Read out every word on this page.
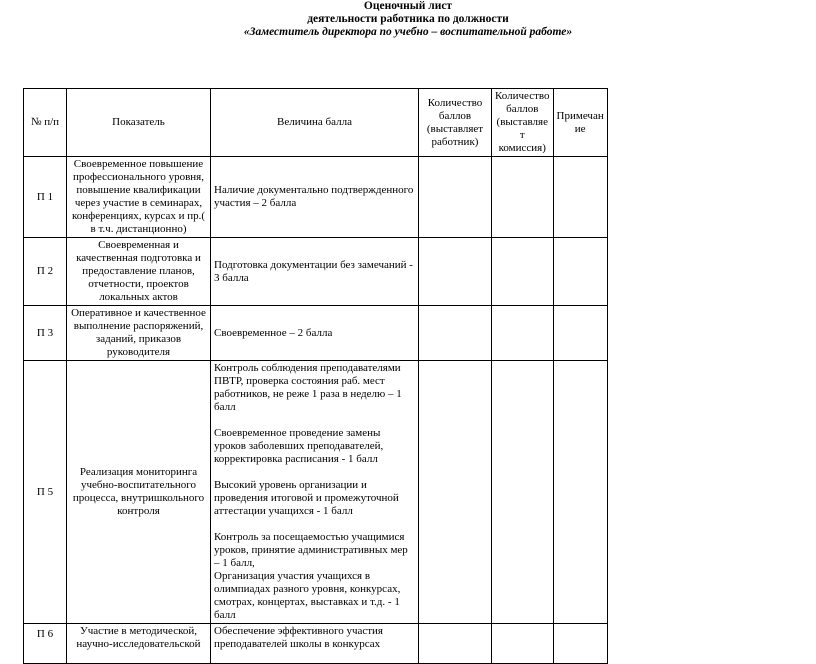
Оценочный лист
деятельности работника по должности
«Заместитель директора по учебно – воспитательной работе»
№ п/п	Показатель	Величина балла	Количество баллов (выставляет работник)	Количество баллов (выставляе т комиссия)	Примечан ие
П 1	Своевременное повышение профессионального уровня, повышение квалификации через участие в семинарах, конференциях, курсах и пр.( в т.ч. дистанционно)	Наличие документально подтвержденного участия – 2 балла			

П 2	Своевременная и качественная подготовка и предоставление планов, отчетности, проектов локальных актов	Подготовка документации без замечаний - 3 балла			

П 3	Оперативное и качественное выполнение распоряжений, заданий, приказов руководителя	Своевременное – 2 балла			

П 5	Реализация мониторинга учебно-воспитательного процесса, внутришкольного контроля	Контроль соблюдения преподавателями ПВТР, проверка состояния раб. мест работников, не реже 1 раза в неделю – 1 балл
Своевременное проведение замены уроков заболевших преподавателей, корректировка расписания - 1 балл
Высокий уровень организации и проведения итоговой и промежуточной аттестации учащихся - 1 балл
Контроль за посещаемостью учащимися уроков, принятие административных мер – 1 балл,
Организация участия учащихся в олимпиадах разного уровня, конкурсах, смотрах, концертах, выставках и т.д. - 1 балл			

П 6	Участие в методической, научно-исследовательской	Обеспечение эффективного участия преподавателей школы в конкурсах			
